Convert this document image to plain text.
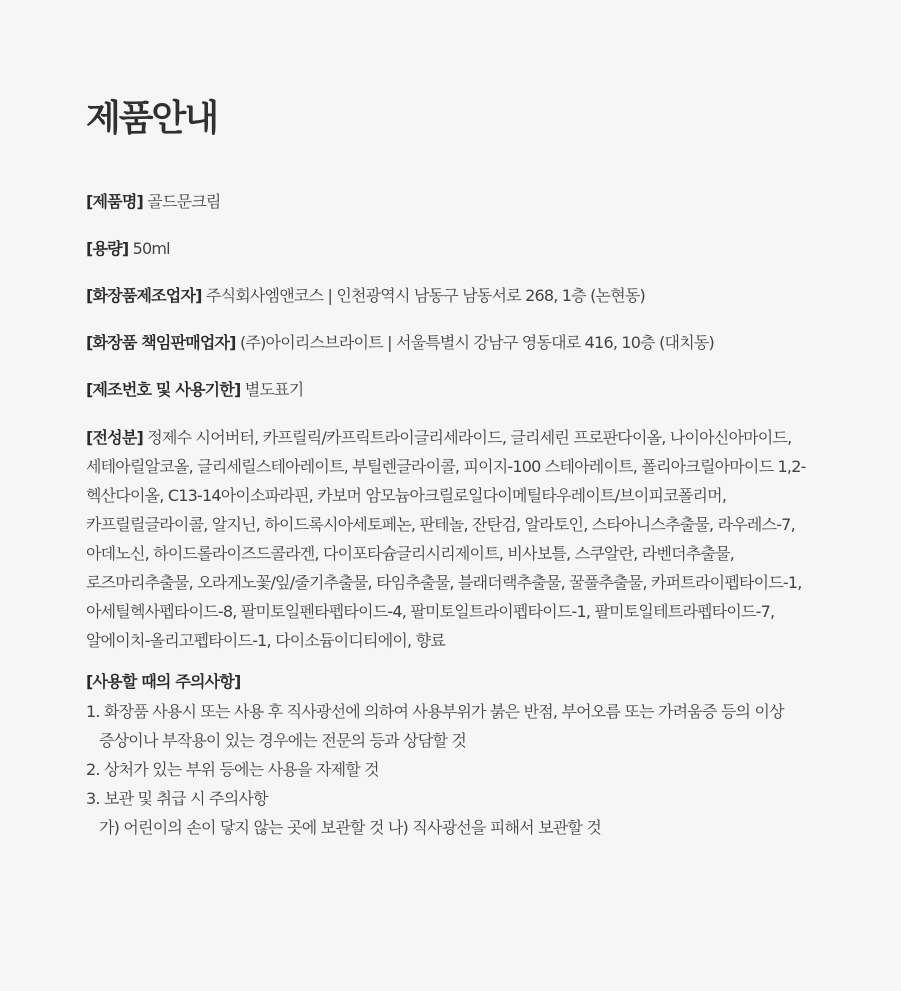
제품안내
[제품명] 골드문크림
[용량] 50ml
[화장품제조업자] 주식회사엠앤코스 | 인천광역시 남동구 남동서로 268, 1층 (논현동)
[화장품 책임판매업자] (주)아이리스브라이트 | 서울특별시 강남구 영동대로 416, 10층 (대치동)
[제조번호 및 사용기한] 별도표기
[전성분] 정제수 시어버터, 카프릴릭/카프릭트라이글리세라이드, 글리세린 프로판다이올, 나이아신아마이드, 세테아릴알코올, 글리세릴스테아레이트, 부틸렌글라이콜, 피이지-100 스테아레이트, 폴리아크릴아마이드 1,2-헥산다이올, C13-14아이소파라핀, 카보머 암모늄아크릴로일다이메틸타우레이트/브이피코폴리머, 카프릴릴글라이콜, 알지닌, 하이드록시아세토페논, 판테놀, 잔탄검, 알라토인, 스타아니스추출물, 라우레스-7, 아데노신, 하이드롤라이즈드콜라겐, 다이포타슘글리시리제이트, 비사보틀, 스쿠알란, 라벤더추출물, 로즈마리추출물, 오라게노꽃/잎/줄기추출물, 타임추출물, 블래더랙추출물, 꿀풀추출물, 카퍼트라이펩타이드-1, 아세틸헥사펩타이드-8, 팔미토일펜타펩타이드-4, 팔미토일트라이펩타이드-1, 팔미토일테트라펩타이드-7, 알에이치-올리고펩타이드-1, 다이소듐이디티에이, 향료
[사용할 때의 주의사항]
1. 화장품 사용시 또는 사용 후 직사광선에 의하여 사용부위가 붉은 반점, 부어오름 또는 가려움증 등의 이상
증상이나 부작용이 있는 경우에는 전문의 등과 상담할 것
2. 상처가 있는 부위 등에는 사용을 자제할 것
3. 보관 및 취급 시 주의사항
가) 어린이의 손이 닿지 않는 곳에 보관할 것 나) 직사광선을 피해서 보관할 것
